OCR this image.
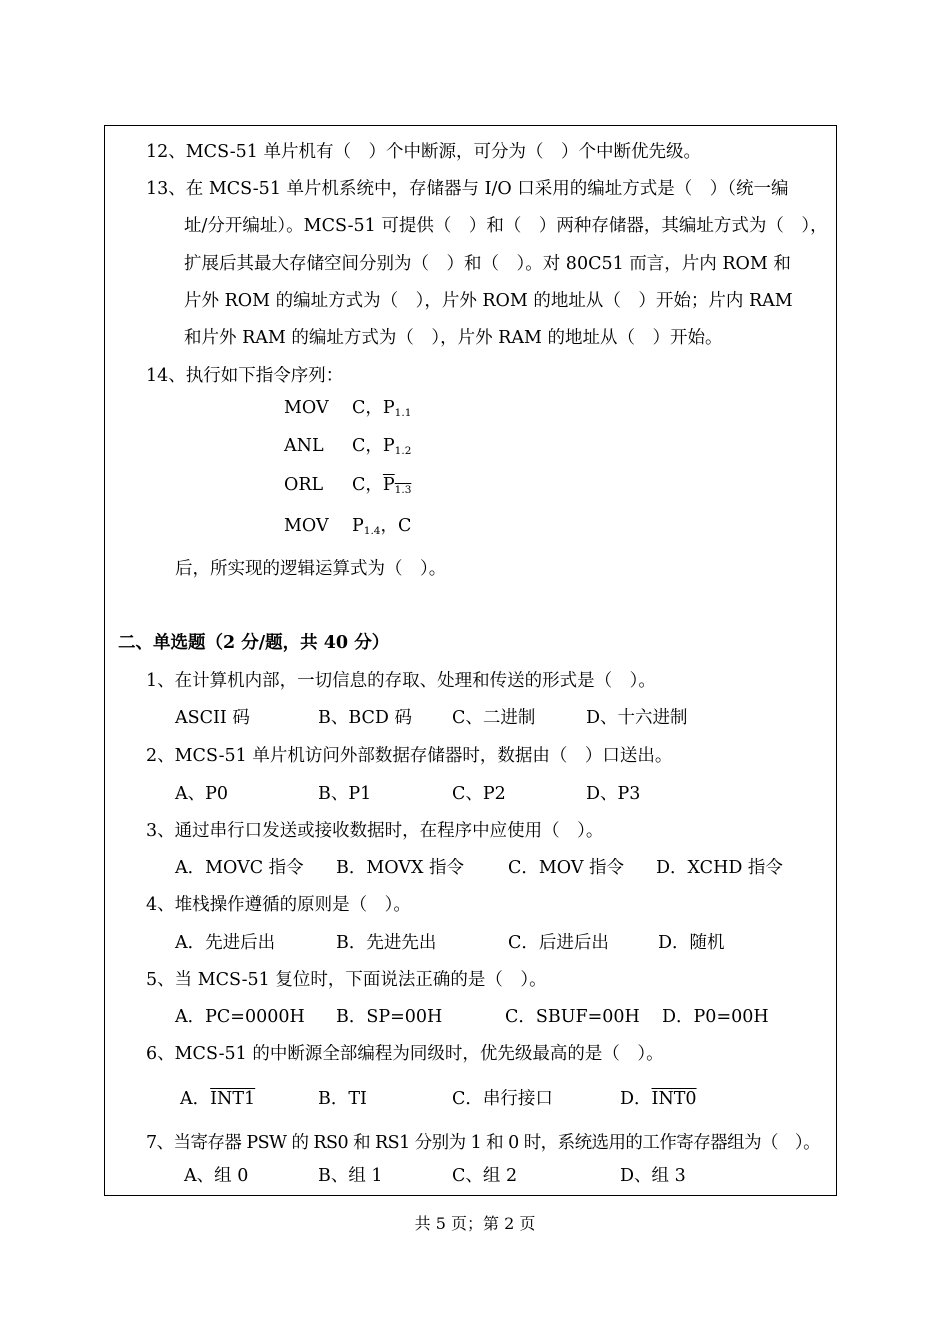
12、MCS-51 单片机有（　）个中断源，可分为（　）个中断优先级。
13、在 MCS-51 单片机系统中，存储器与 I/O 口采用的编址方式是（　）（统一编
址/分开编址）。MCS-51 可提供（　）和（　）两种存储器，其编址方式为（　），
扩展后其最大存储空间分别为（　）和（　）。对 80C51 而言，片内 ROM 和
片外 ROM 的编址方式为（　），片外 ROM 的地址从（　）开始；片内 RAM
和片外 RAM 的编址方式为（　），片外 RAM 的地址从（　）开始。
14、执行如下指令序列：
MOV C，$P_{1.1}$
ANL C，$P_{1.2}$
ORL C，$P_{1.3}$
MOV $P_{1.4}$，C
后，所实现的逻辑运算式为（　）。
二、单选题（2 分/题，共 40 分）
1、在计算机内部，一切信息的存取、处理和传送的形式是（　）。
ASCII 码	B、BCD 码 C、二进制	D、十六进制
2、MCS-51 单片机访问外部数据存储器时，数据由（　）口送出。
A、P0	B、P1	C、P2	D、P3
3、通过串行口发送或接收数据时，在程序中应使用（　）。
A．MOVC 指令 B．MOVX 指令	C．MOV 指令 D．XCHD 指令
4、堆栈操作遵循的原则是（　）。
A．先进后出	B．先进先出	C．后进后出	D．随机
5、当 MCS-51 复位时，下面说法正确的是（　）。
A．PC=0000H B．SP=00H	C．SBUF=00H D．P0=00H
6、MCS-51 的中断源全部编程为同级时，优先级最高的是（　）。
A．INT1	B．TI	C．串行接口	D．INT0
7、当寄存器 PSW 的 RS0 和 RS1 分别为 1 和 0 时，系统选用的工作寄存器组为（　）。
A、组 0	B、组 1	C、组 2	D、组 3
共 5 页；第 2 页
